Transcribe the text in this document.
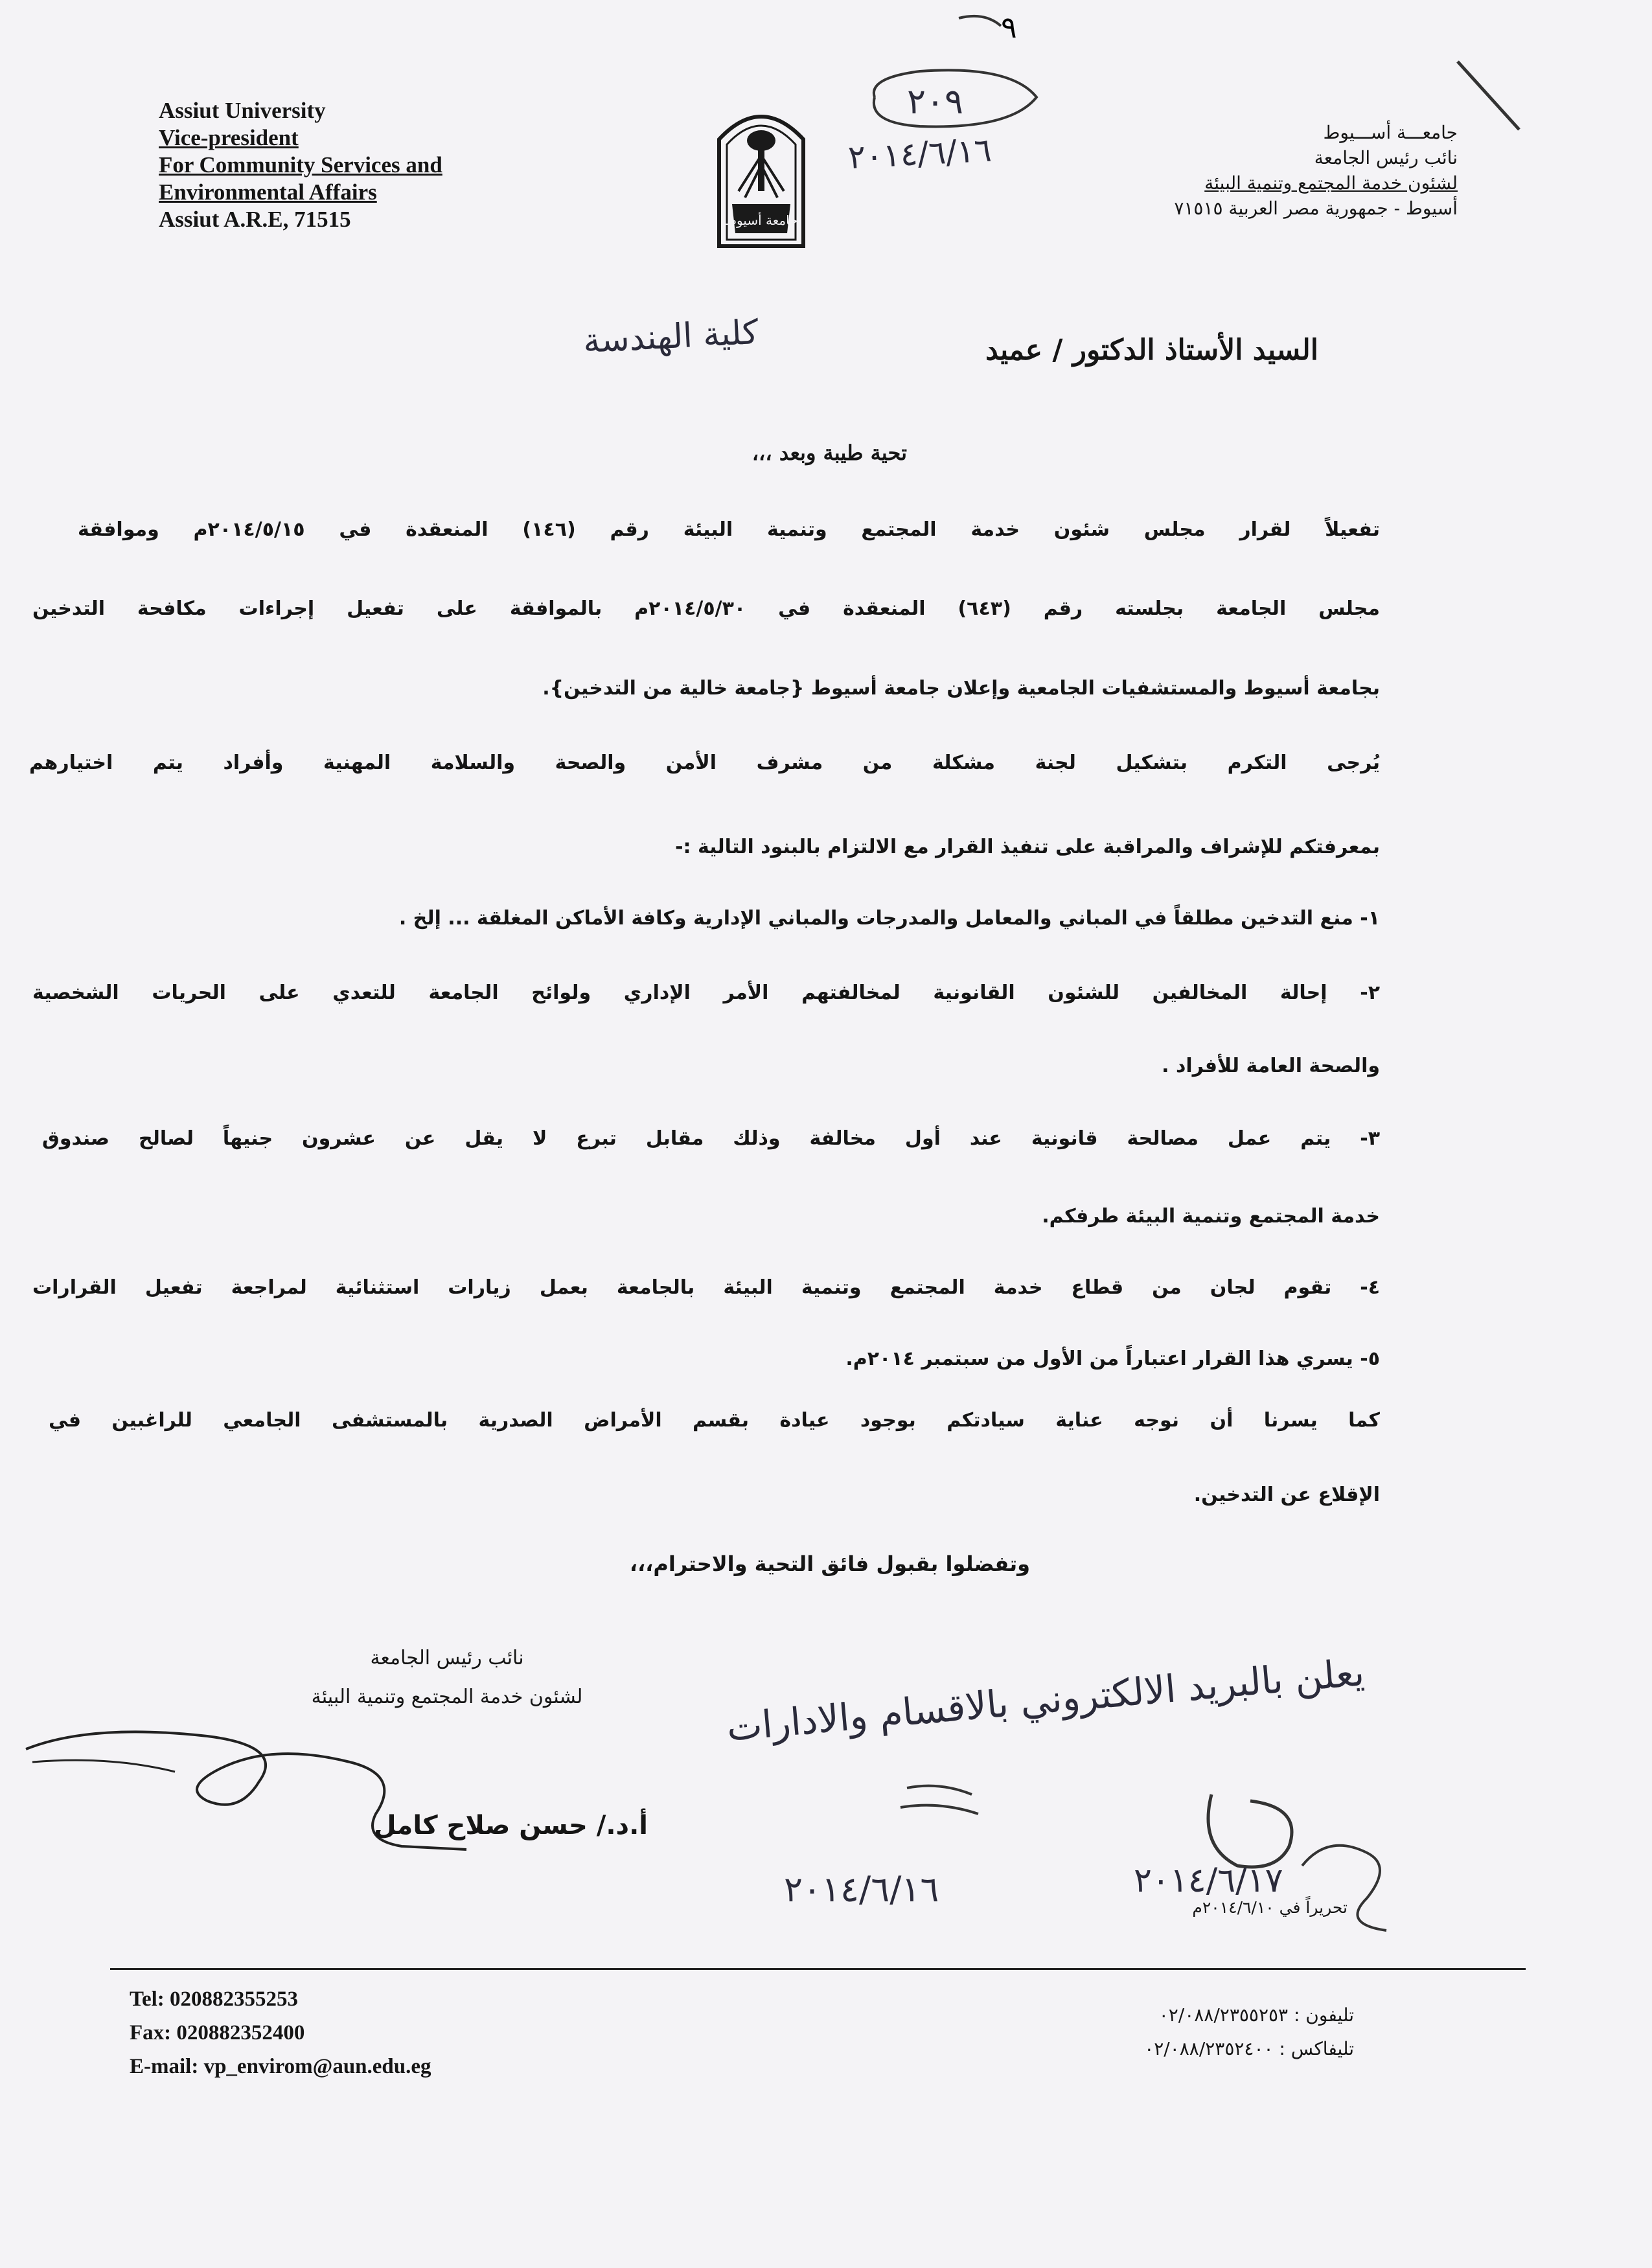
Assiut University
Vice-president
For Community Services and
Environmental Affairs
Assiut A.R.E, 71515	جامعة أسيوط
جامعـــة أســـيوط
نائب رئيس الجامعة
لشئون خدمة المجتمع وتنمية البيئة
أسيوط - جمهورية مصر العربية ٧١٥١٥
٩
٢٠٩
٢٠١٤/٦/١٦
السيد الأستاذ الدكتور / عميد
كلية الهندسة
تحية طيبة وبعد ،،،
تفعيلاً لقرار مجلس شئون خدمة المجتمع وتنمية البيئة رقم (١٤٦) المنعقدة في ٢٠١٤/٥/١٥م وموافقة
مجلس الجامعة بجلسته رقم (٦٤٣) المنعقدة في ٢٠١٤/٥/٣٠م بالموافقة على تفعيل إجراءات مكافحة التدخين
بجامعة أسيوط والمستشفيات الجامعية وإعلان جامعة أسيوط {جامعة خالية من التدخين}.
يُرجى التكرم بتشكيل لجنة مشكلة من مشرف الأمن والصحة والسلامة المهنية وأفراد يتم اختيارهم
بمعرفتكم للإشراف والمراقبة على تنفيذ القرار مع الالتزام بالبنود التالية :-
١- منع التدخين مطلقاً في المباني والمعامل والمدرجات والمباني الإدارية وكافة الأماكن المغلقة ... إلخ .
٢- إحالة المخالفين للشئون القانونية لمخالفتهم الأمر الإداري ولوائح الجامعة للتعدي على الحريات الشخصية
والصحة العامة للأفراد .
٣- يتم عمل مصالحة قانونية عند أول مخالفة وذلك مقابل تبرع لا يقل عن عشرون جنيهاً لصالح صندوق
خدمة المجتمع وتنمية البيئة طرفكم.
٤- تقوم لجان من قطاع خدمة المجتمع وتنمية البيئة بالجامعة بعمل زيارات استثنائية لمراجعة تفعيل القرارات
٥- يسري هذا القرار اعتباراً من الأول من سبتمبر ٢٠١٤م.
كما يسرنا أن نوجه عناية سيادتكم بوجود عيادة بقسم الأمراض الصدرية بالمستشفى الجامعي للراغبين في
الإقلاع عن التدخين.
وتفضلوا بقبول فائق التحية والاحترام،،،
نائب رئيس الجامعة
لشئون خدمة المجتمع وتنمية البيئة
أ.د./ حسن صلاح كامل
يعلن بالبريد الالكتروني بالاقسام والادارات
٢٠١٤/٦/١٦	٢٠١٤/٦/١٧
تحريراً في ٢٠١٤/٦/١٠م
Tel: 020882355253
Fax: 020882352400
E-mail: vp_envirom@aun.edu.eg
تليفون : ٠٢/٠٨٨/٢٣٥٥٢٥٣
تليفاكس : ٠٢/٠٨٨/٢٣٥٢٤٠٠
